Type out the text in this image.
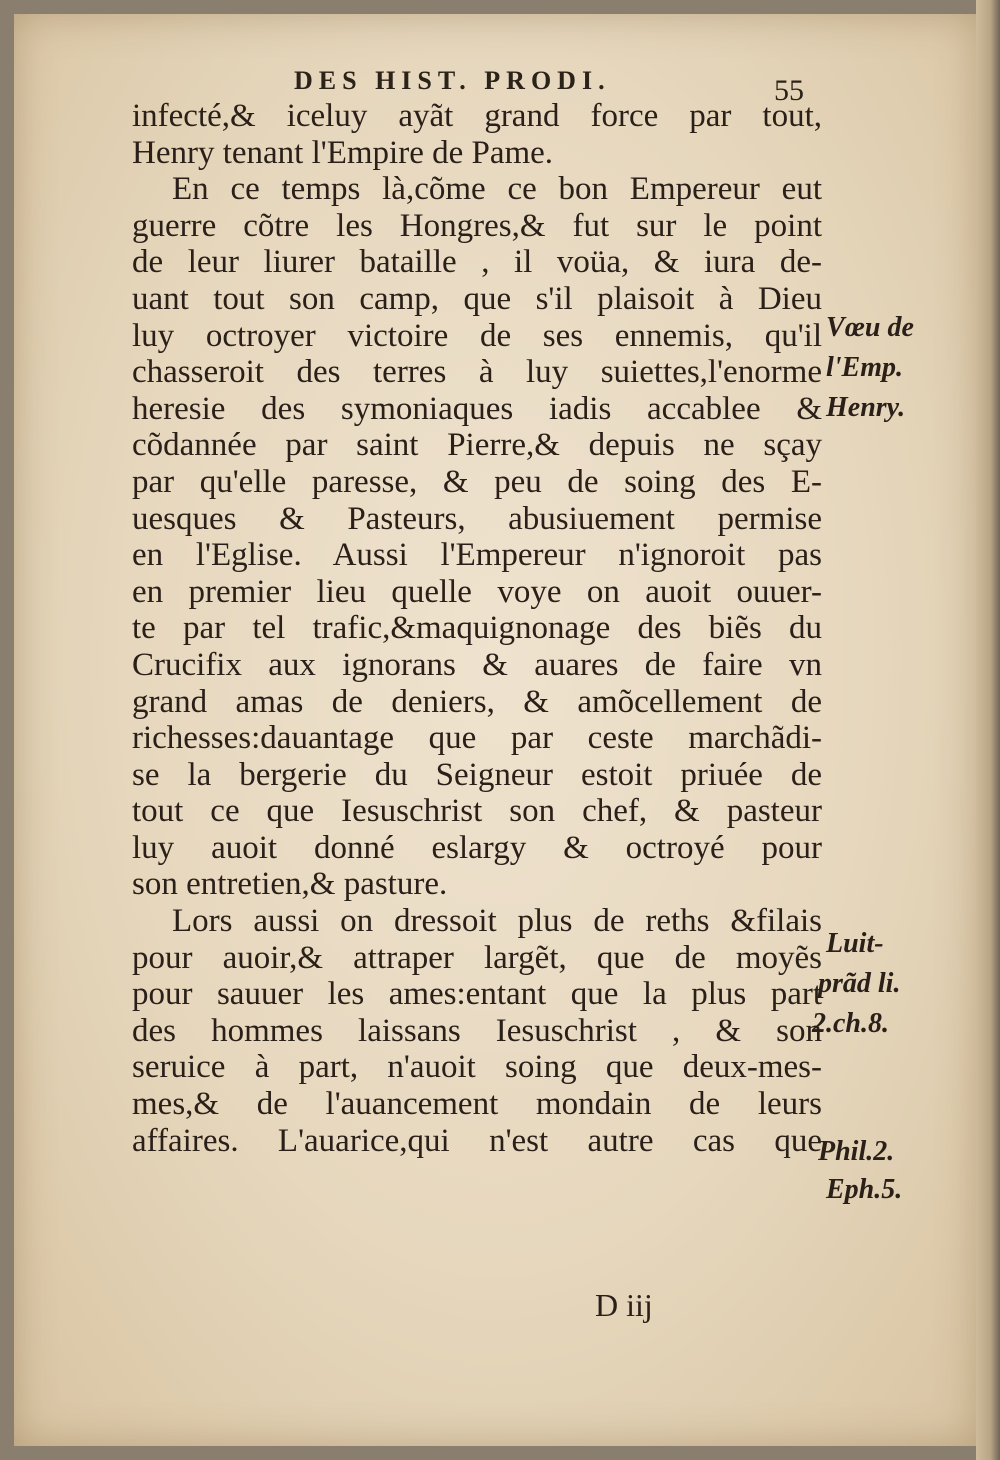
DES HIST. PRODI.	55
infecté,& iceluy ayãt grand force par tout,
Henry tenant l'Empire de Pame.
En ce temps là,cõme ce bon Empereur eut
guerre cõtre les Hongres,& fut sur le point
de leur liurer bataille , il voüa, & iura de-
uant tout son camp, que s'il plaisoit à Dieu
luy octroyer victoire de ses ennemis, qu'il
chasseroit des terres à luy suiettes,l'enorme
heresie des symoniaques iadis accablee &
cõdannée par saint Pierre,& depuis ne sçay
par qu'elle paresse, & peu de soing des E-
uesques & Pasteurs, abusiuement permise
en l'Eglise. Aussi l'Empereur n'ignoroit pas
en premier lieu quelle voye on auoit ouuer-
te par tel trafic,&maquignonage des biẽs du
Crucifix aux ignorans & auares de faire vn
grand amas de deniers, & amõcellement de
richesses:dauantage que par ceste marchãdi-
se la bergerie du Seigneur estoit priuée de
tout ce que Iesuschrist son chef, & pasteur
luy auoit donné eslargy & octroyé pour
son entretien,& pasture.
Lors aussi on dressoit plus de reths &filais
pour auoir,& attraper largẽt, que de moyẽs
pour sauuer les ames:entant que la plus part
des hommes laissans Iesuschrist , & son
seruice à part, n'auoit soing que deux-mes-
mes,& de l'auancement mondain de leurs
affaires. L'auarice,qui n'est autre cas que
Vœu de
l'Emp.
Henry.
Luit-
prãd li.
2.ch.8.
Phil.2.
Eph.5.
D iij
